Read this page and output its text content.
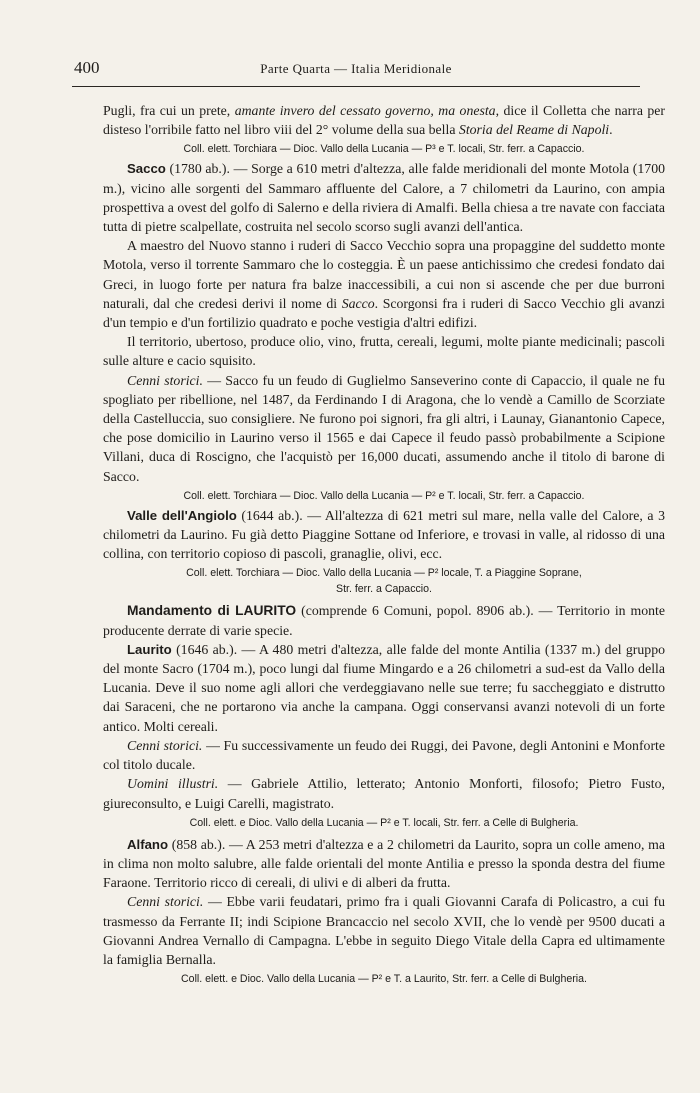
400	Parte Quarta — Italia Meridionale

Pugli, fra cui un prete, amante invero del cessato governo, ma onesta, dice il Colletta che narra per disteso l'orribile fatto nel libro viii del 2° volume della sua bella Storia del Reame di Napoli.

Coll. elett. Torchiara — Dioc. Vallo della Lucania — P³ e T. locali, Str. ferr. a Capaccio.

Sacco (1780 ab.). — Sorge a 610 metri d'altezza, alle falde meridionali del monte Motola (1700 m.), vicino alle sorgenti del Sammaro affluente del Calore, a 7 chilometri da Laurino, con ampia prospettiva a ovest del golfo di Salerno e della riviera di Amalfi. Bella chiesa a tre navate con facciata tutta di pietre scalpellate, costruita nel secolo scorso sugli avanzi dell'antica.

A maestro del Nuovo stanno i ruderi di Sacco Vecchio sopra una propaggine del suddetto monte Motola, verso il torrente Sammaro che lo costeggia. È un paese antichissimo che credesi fondato dai Greci, in luogo forte per natura fra balze inaccessibili, a cui non si ascende che per due burroni naturali, dal che credesi derivi il nome di Sacco. Scorgonsi fra i ruderi di Sacco Vecchio gli avanzi d'un tempio e d'un fortilizio quadrato e poche vestigia d'altri edifizi.

Il territorio, ubertoso, produce olio, vino, frutta, cereali, legumi, molte piante medicinali; pascoli sulle alture e cacio squisito.

Cenni storici. — Sacco fu un feudo di Guglielmo Sanseverino conte di Capaccio, il quale ne fu spogliato per ribellione, nel 1487, da Ferdinando I di Aragona, che lo vendè a Camillo de Scorziate della Castelluccia, suo consigliere. Ne furono poi signori, fra gli altri, i Launay, Gianantonio Capece, che pose domicilio in Laurino verso il 1565 e dai Capece il feudo passò probabilmente a Scipione Villani, duca di Roscigno, che l'acquistò per 16,000 ducati, assumendo anche il titolo di barone di Sacco.

Coll. elett. Torchiara — Dioc. Vallo della Lucania — P² e T. locali, Str. ferr. a Capaccio.

Valle dell'Angiolo (1644 ab.). — All'altezza di 621 metri sul mare, nella valle del Calore, a 3 chilometri da Laurino. Fu già detto Piaggine Sottane od Inferiore, e trovasi in valle, al ridosso di una collina, con territorio copioso di pascoli, granaglie, olivi, ecc.

Coll. elett. Torchiara — Dioc. Vallo della Lucania — P² locale, T. a Piaggine Soprane,
Str. ferr. a Capaccio.

Mandamento di LAURITO (comprende 6 Comuni, popol. 8906 ab.). — Territorio in monte producente derrate di varie specie.

Laurito (1646 ab.). — A 480 metri d'altezza, alle falde del monte Antilia (1337 m.) del gruppo del monte Sacro (1704 m.), poco lungi dal fiume Mingardo e a 26 chilometri a sud-est da Vallo della Lucania. Deve il suo nome agli allori che verdeggiavano nelle sue terre; fu saccheggiato e distrutto dai Saraceni, che ne portarono via anche la campana. Oggi conservansi avanzi notevoli di un forte antico. Molti cereali.

Cenni storici. — Fu successivamente un feudo dei Ruggi, dei Pavone, degli Antonini e Monforte col titolo ducale.

Uomini illustri. — Gabriele Attilio, letterato; Antonio Monforti, filosofo; Pietro Fusto, giureconsulto, e Luigi Carelli, magistrato.

Coll. elett. e Dioc. Vallo della Lucania — P² e T. locali, Str. ferr. a Celle di Bulgheria.

Alfano (858 ab.). — A 253 metri d'altezza e a 2 chilometri da Laurito, sopra un colle ameno, ma in clima non molto salubre, alle falde orientali del monte Antilia e presso la sponda destra del fiume Faraone. Territorio ricco di cereali, di ulivi e di alberi da frutta.

Cenni storici. — Ebbe varii feudatari, primo fra i quali Giovanni Carafa di Policastro, a cui fu trasmesso da Ferrante II; indi Scipione Brancaccio nel secolo XVII, che lo vendè per 9500 ducati a Giovanni Andrea Vernallo di Campagna. L'ebbe in seguito Diego Vitale della Capra ed ultimamente la famiglia Bernalla.

Coll. elett. e Dioc. Vallo della Lucania — P² e T. a Laurito, Str. ferr. a Celle di Bulgheria.
